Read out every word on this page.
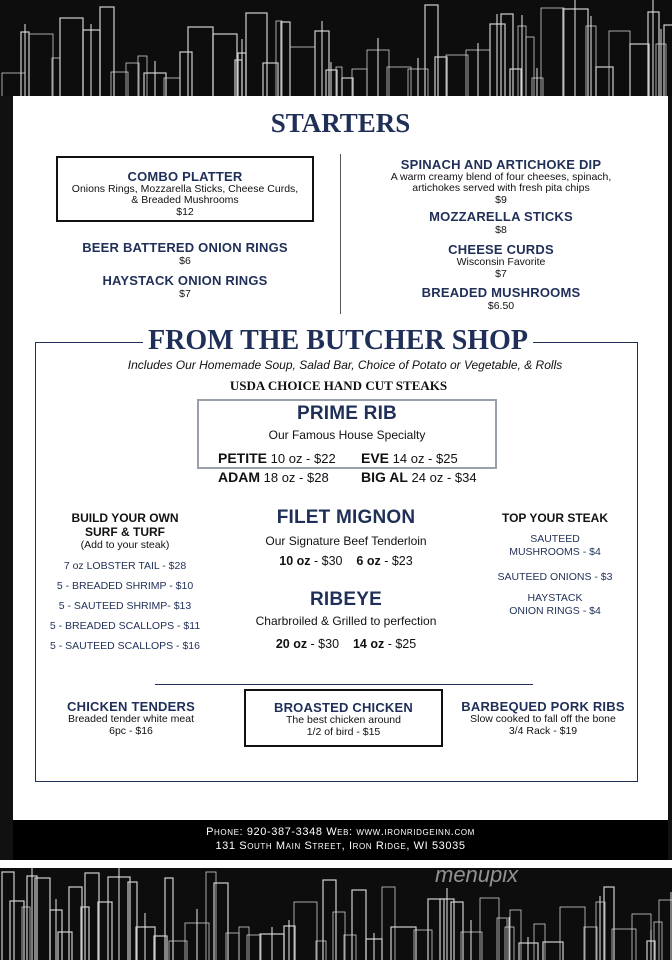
STARTERS
COMBO PLATTER
Onions Rings, Mozzarella Sticks, Cheese Curds,
& Breaded Mushrooms
$12
BEER BATTERED ONION RINGS
$6
HAYSTACK ONION RINGS
$7
SPINACH AND ARTICHOKE DIP
A warm creamy blend of four cheeses, spinach,
artichokes served with fresh pita chips
$9
MOZZARELLA STICKS
$8
CHEESE CURDS
Wisconsin Favorite
$7
BREADED MUSHROOMS
$6.50
FROM THE BUTCHER SHOP
Includes Our Homemade Soup, Salad Bar, Choice of Potato or Vegetable, & Rolls
USDA CHOICE HAND CUT STEAKS
PRIME RIB
Our Famous House Specialty
PETITE 10 oz - $22 EVE 14 oz - $25
ADAM 18 oz - $28 BIG AL 24 oz - $34
FILET MIGNON
Our Signature Beef Tenderloin
10 oz - $30 6 oz - $23
RIBEYE
Charbroiled & Grilled to perfection
20 oz - $30 14 oz - $25
BUILD YOUR OWN
SURF & TURF
(Add to your steak)
7 oz LOBSTER TAIL - $28
5 - BREADED SHRIMP - $10
5 - SAUTEED SHRIMP- $13
5 - BREADED SCALLOPS - $11
5 - SAUTEED SCALLOPS - $16
TOP YOUR STEAK
SAUTEED
MUSHROOMS - $4
SAUTEED ONIONS - $3
HAYSTACK
ONION RINGS - $4
CHICKEN TENDERS
Breaded tender white meat
6pc - $16
BROASTED CHICKEN
The best chicken around
1/2 of bird - $15
BARBEQUED PORK RIBS
Slow cooked to fall off the bone
3/4 Rack - $19
Phone: 920-387-3348 Web: www.ironridgeinn.com
131 South Main Street, Iron Ridge, WI 53035
menupix
